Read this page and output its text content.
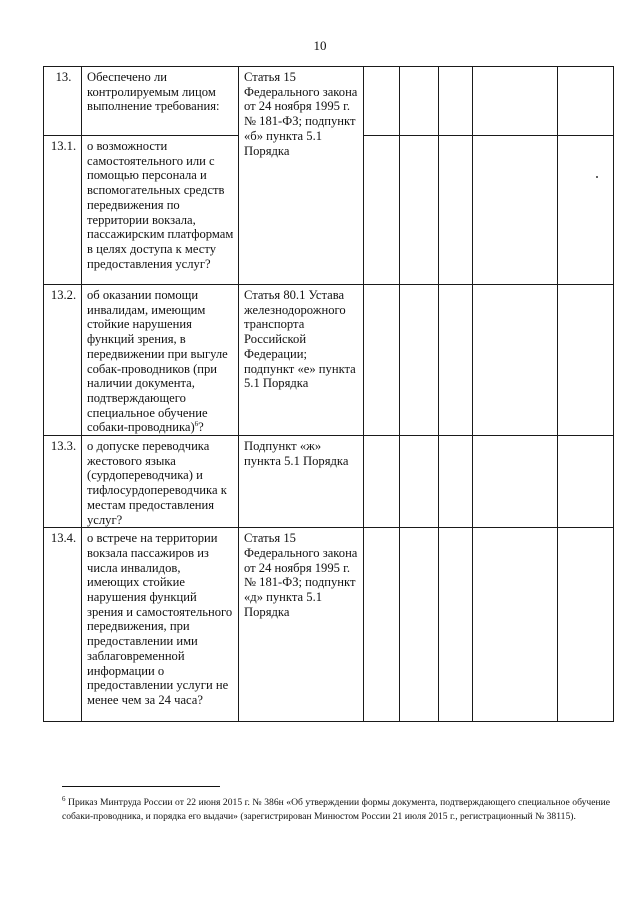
10
13.	Обеспечено ли контролируемым лицом выполнение требования:	Статья 15 Федерального закона от 24 ноября 1995 г. № 181-ФЗ; подпункт «б» пункта 5.1 Порядка					
13.1.	о возможности самостоятельного или с помощью персонала и вспомогательных средств передвижения по территории вокзала, пассажирским платформам в целях доступа к месту предоставления услуг?						
13.2.	об оказании помощи инвалидам, имеющим стойкие нарушения функций зрения, в передвижении при выгуле собак-проводников (при наличии документа, подтверждающего специальное обучение собаки-проводника)$^6$?	Статья 80.1 Устава железнодорожного транспорта Российской Федерации; подпункт «е» пункта 5.1 Порядка					
13.3.	о допуске переводчика жестового языка (сурдопереводчика) и тифлосурдопереводчика к местам предоставления услуг?	Подпункт «ж» пункта 5.1 Порядка					
13.4.	о встрече на территории вокзала пассажиров из числа инвалидов, имеющих стойкие нарушения функций зрения и самостоятельного передвижения, при предоставлении ими заблаговременной информации о предоставлении услуги не менее чем за 24 часа?	Статья 15 Федерального закона от 24 ноября 1995 г. № 181-ФЗ; подпункт «д» пункта 5.1 Порядка					
$^6$ Приказ Минтруда России от 22 июня 2015 г. № 386н «Об утверждении формы документа, подтверждающего специальное обучение собаки-проводника, и порядка его выдачи» (зарегистрирован Минюстом России 21 июля 2015 г., регистрационный № 38115).
